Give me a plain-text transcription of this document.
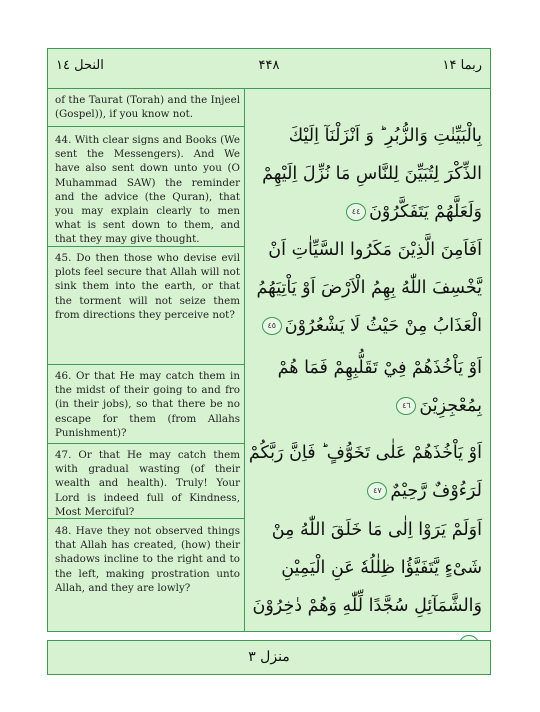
النحل ١٤	۴۴۸	ربما ۱۴
of the Taurat (Torah) and the Injeel (Gospel)), if you know not.
44. With clear signs and Books (We sent the Messengers). And We have also sent down unto you (O Muhammad SAW) the reminder and the advice (the Quran), that you may explain clearly to men what is sent down to them, and that they may give thought.
45. Do then those who devise evil plots feel secure that Allah will not sink them into the earth, or that the torment will not seize them from directions they perceive not?
46. Or that He may catch them in the midst of their going to and fro (in their jobs), so that there be no escape for them (from Allahs Punishment)?
47. Or that He may catch them with gradual wasting (of their wealth and health). Truly! Your Lord is indeed full of Kindness, Most Merciful?
48. Have they not observed things that Allah has created, (how) their shadows incline to the right and to the left, making prostration unto Allah, and they are lowly?
بِالْبَيِّنٰتِ وَالزُّبُرِ ؕ وَ اَنْزَلْنَآ اِلَيْكَ الذِّكْرَ لِتُبَيِّنَ لِلنَّاسِ مَا نُزِّلَ اِلَيْهِمْ وَلَعَلَّهُمْ يَتَفَكَّرُوْنَ٤٤
اَفَاَمِنَ الَّذِيْنَ مَكَرُوا السَّيِّاٰتِ اَنْ يَّخْسِفَ اللّٰهُ بِهِمُ الْاَرْضَ اَوْ يَاْتِيَهُمُ الْعَذَابُ مِنْ حَيْثُ لَا يَشْعُرُوْنَ٤٥
اَوْ يَاْخُذَهُمْ فِيْ تَقَلُّبِهِمْ فَمَا هُمْ بِمُعْجِزِيْنَ٤٦
اَوْ يَاْخُذَهُمْ عَلٰى تَخَوُّفٍ ؕ فَاِنَّ رَبَّكُمْ لَرَءُوْفٌ رَّحِيْمٌ٤٧
اَوَلَمْ يَرَوْا اِلٰى مَا خَلَقَ اللّٰهُ مِنْ شَىْءٍ يَّتَفَيَّؤُا ظِلٰلُهٗ عَنِ الْيَمِيْنِ وَالشَّمَآئِلِ سُجَّدًا لِّلّٰهِ وَهُمْ دٰخِرُوْنَ
منزل ٣
